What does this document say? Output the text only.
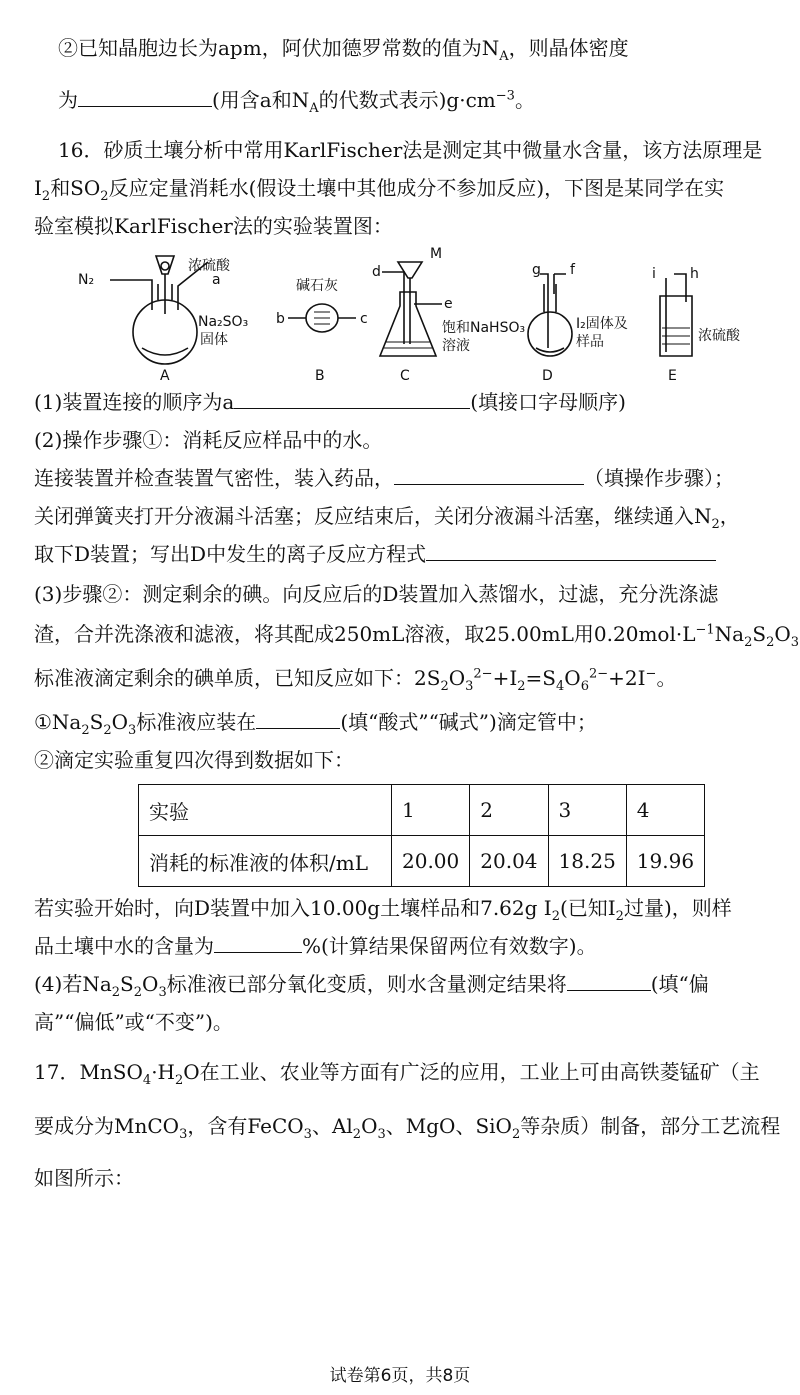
②已知晶胞边长为apm，阿伏加德罗常数的值为$N_A$，则晶体密度
为	(用含a和$N_A$的代数式表示)$g\cdot cm^{-3}$。
16．砂质土壤分析中常用KarlFischer法是测定其中微量水含量，该方法原理是
$I_2$和$SO_2$反应定量消耗水(假设土壤中其他成分不参加反应)，下图是某同学在实
验室模拟KarlFischer法的实验装置图：
N₂
浓硫酸
a
Na₂SO₃
固体
A
碱石灰
b	c
B
M
d
e
饱和NaHSO₃
溶液
C
g f
I₂固体及
样品
D
i h
浓硫酸
E
(1)装置连接的顺序为a	(填接口字母顺序)
(2)操作步骤①：消耗反应样品中的水。
连接装置并检查装置气密性，装入药品，	（填操作步骤）；
关闭弹簧夹打开分液漏斗活塞；反应结束后，关闭分液漏斗活塞，继续通入$N_2$，
取下D装置；写出D中发生的离子反应方程式
(3)步骤②：测定剩余的碘。向反应后的D装置加入蒸馏水，过滤，充分洗涤滤
渣，合并洗涤液和滤液，将其配成250mL溶液，取25.00mL用$0.20mol\cdot L^{-1}Na_2S_2O_3$
标准液滴定剩余的碘单质，已知反应如下：$2S_2O_3^{2-}+I_2=S_4O_6^{2-}+2I^-$。
$①Na_2S_2O_3$标准液应装在	(填“酸式”“碱式”)滴定管中；
②滴定实验重复四次得到数据如下：
实验	1	2	3	4
消耗的标准液的体积/mL	20.00	20.04	18.25	19.96
若实验开始时，向D装置中加入10.00g土壤样品和7.62g $I_2$(已知$I_2$过量)，则样
品土壤中水的含量为	%(计算结果保留两位有效数字)。
(4)若$Na_2S_2O_3$标准液已部分氧化变质，则水含量测定结果将	(填“偏
高”“偏低”或“不变”)。
17．$MnSO_4\cdot H_2O$在工业、农业等方面有广泛的应用，工业上可由高铁菱锰矿（主
要成分为MnCO$_3$，含有FeCO$_3$、$Al_2O_3$、MgO、SiO$_2$等杂质）制备，部分工艺流程
如图所示：
试卷第6页，共8页
